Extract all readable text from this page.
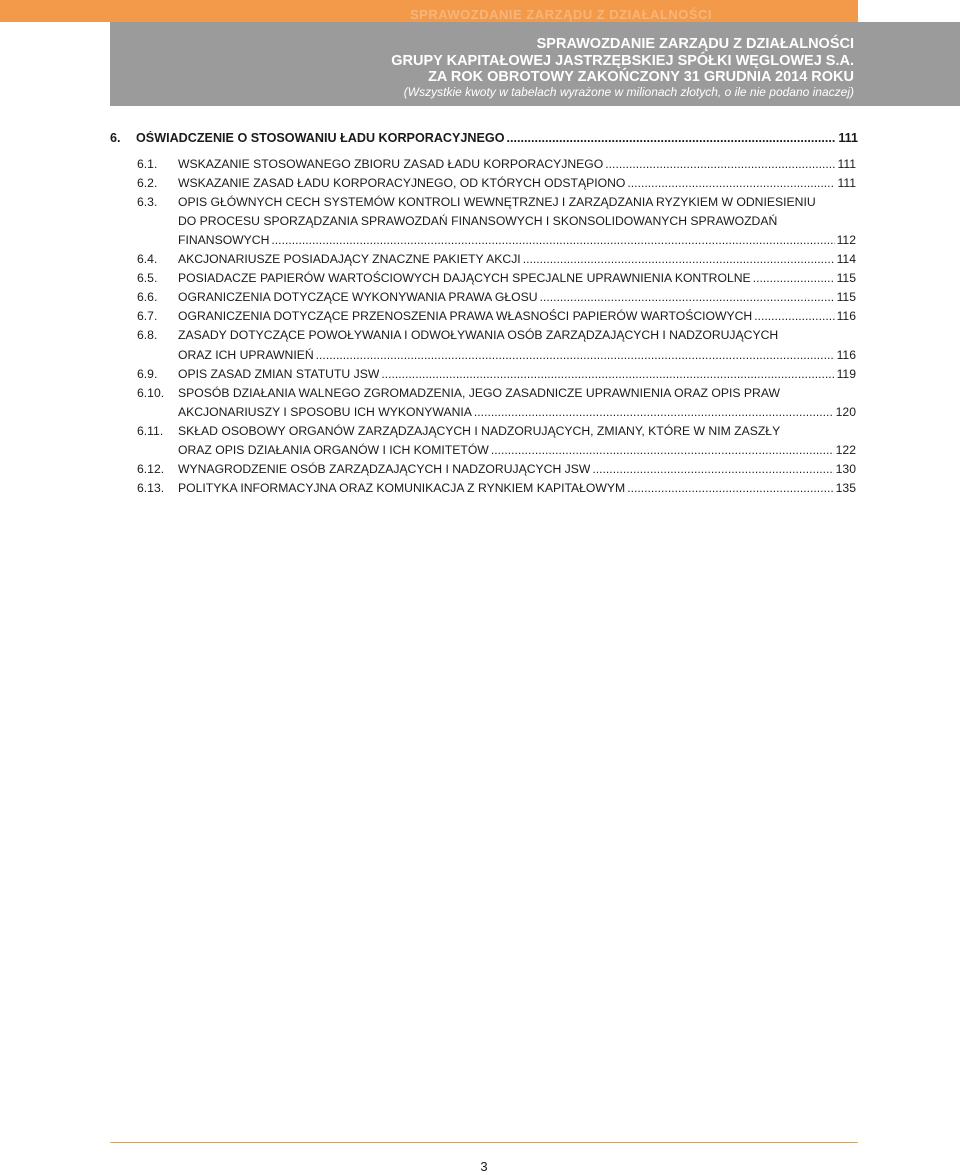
SPRAWOZDANIE ZARZĄDU Z DZIAŁALNOŚCI
SPRAWOZDANIE ZARZĄDU Z DZIAŁALNOŚCI
GRUPY KAPITAŁOWEJ JASTRZĘBSKIEJ SPÓŁKI WĘGLOWEJ S.A.
ZA ROK OBROTOWY ZAKOŃCZONY 31 GRUDNIA 2014 ROKU
(Wszystkie kwoty w tabelach wyrażone w milionach złotych, o ile nie podano inaczej)
6.	OŚWIADCZENIE O STOSOWANIU ŁADU KORPORACYJNEGO .....	111
6.1. WSKAZANIE STOSOWANEGO ZBIORU ZASAD ŁADU KORPORACYJNEGO .....	111
6.2. WSKAZANIE ZASAD ŁADU KORPORACYJNEGO, OD KTÓRYCH ODSTĄPIONO .....	111
6.3. OPIS GŁÓWNYCH CECH SYSTEMÓW KONTROLI WEWNĘTRZNEJ I ZARZĄDZANIA RYZYKIEM W ODNIESIENIU
DO PROCESU SPORZĄDZANIA SPRAWOZDAŃ FINANSOWYCH I SKONSOLIDOWANYCH SPRAWOZDAŃ
FINANSOWYCH .....	112
6.4. AKCJONARIUSZE POSIADAJĄCY ZNACZNE PAKIETY AKCJI .....	114
6.5. POSIADACZE PAPIERÓW WARTOŚCIOWYCH DAJĄCYCH SPECJALNE UPRAWNIENIA KONTROLNE .....	115
6.6. OGRANICZENIA DOTYCZĄCE WYKONYWANIA PRAWA GŁOSU .....	115
6.7. OGRANICZENIA DOTYCZĄCE PRZENOSZENIA PRAWA WŁASNOŚCI PAPIERÓW WARTOŚCIOWYCH .....	116
6.8. ZASADY DOTYCZĄCE POWOŁYWANIA I ODWOŁYWANIA OSÓB ZARZĄDZAJĄCYCH I NADZORUJĄCYCH
ORAZ ICH UPRAWNIEŃ .....	116
6.9. OPIS ZASAD ZMIAN STATUTU JSW .....	119
6.10. SPOSÓB DZIAŁANIA WALNEGO ZGROMADZENIA, JEGO ZASADNICZE UPRAWNIENIA ORAZ OPIS PRAW
AKCJONARIUSZY I SPOSOBU ICH WYKONYWANIA .....	120
6.11. SKŁAD OSOBOWY ORGANÓW ZARZĄDZAJĄCYCH I NADZORUJĄCYCH, ZMIANY, KTÓRE W NIM ZASZŁY
ORAZ OPIS DZIAŁANIA ORGANÓW I ICH KOMITETÓW .....	122
6.12. WYNAGRODZENIE OSÓB ZARZĄDZAJĄCYCH I NADZORUJĄCYCH JSW .....	130
6.13. POLITYKA INFORMACYJNA ORAZ KOMUNIKACJA Z RYNKIEM KAPITAŁOWYM .....	135
3
